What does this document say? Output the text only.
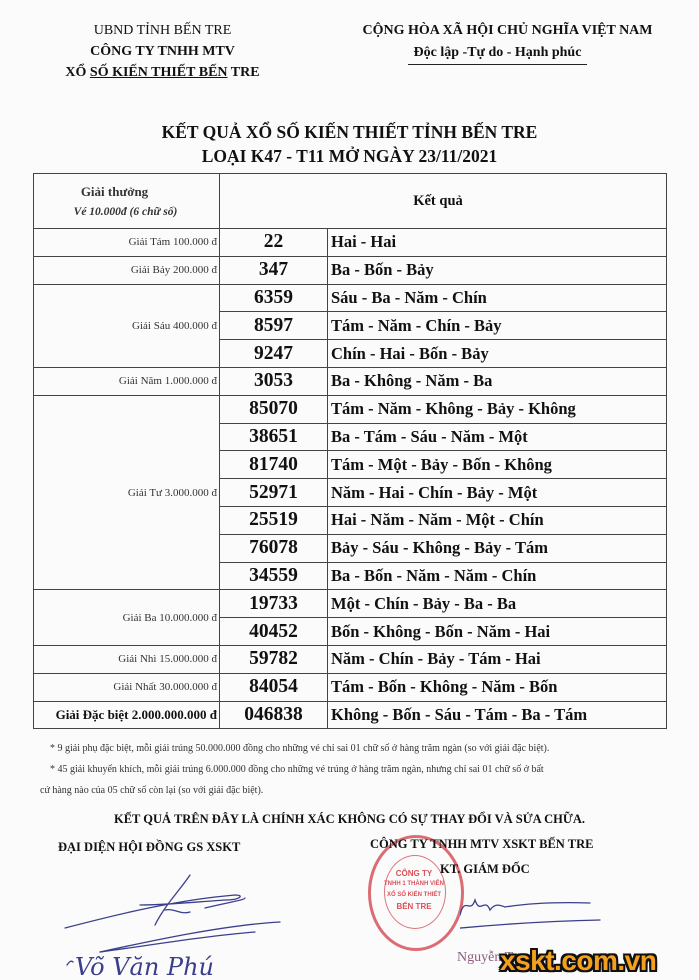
UBND TỈNH BẾN TRE
CÔNG TY TNHH MTV
XỔ SỐ KIẾN THIẾT BẾN TRE
CỘNG HÒA XÃ HỘI CHỦ NGHĨA VIỆT NAM
Độc lập -Tự do - Hạnh phúc
KẾT QUẢ XỔ SỐ KIẾN THIẾT TỈNH BẾN TRE
LOẠI K47 - T11 MỞ NGÀY 23/11/2021
Giải thưởng
Vé 10.000đ (6 chữ số)	Kết quả	
Giải Tám 100.000 đ	22	Hai - Hai
Giải Bảy 200.000 đ	347	Ba - Bốn - Bảy
Giải Sáu 400.000 đ	6359	Sáu - Ba - Năm - Chín
	8597	Tám - Năm - Chín - Bảy
	9247	Chín - Hai - Bốn - Bảy
Giải Năm 1.000.000 đ	3053	Ba - Không - Năm - Ba
Giải Tư 3.000.000 đ	85070	Tám - Năm - Không - Bảy - Không
	38651	Ba - Tám - Sáu - Năm - Một
	81740	Tám - Một - Bảy - Bốn - Không
	52971	Năm - Hai - Chín - Bảy - Một
	25519	Hai - Năm - Năm - Một - Chín
	76078	Bảy - Sáu - Không - Bảy - Tám
	34559	Ba - Bốn - Năm - Năm - Chín
Giải Ba 10.000.000 đ	19733	Một - Chín - Bảy - Ba - Ba
	40452	Bốn - Không - Bốn - Năm - Hai
Giải Nhì 15.000.000 đ	59782	Năm - Chín - Bảy - Tám - Hai
Giải Nhất 30.000.000 đ	84054	Tám - Bốn - Không - Năm - Bốn
Giải Đặc biệt 2.000.000.000 đ	046838	Không - Bốn - Sáu - Tám - Ba - Tám
* 9 giải phụ đặc biệt, mỗi giải trúng 50.000.000 đồng cho những vé chỉ sai 01 chữ số ở hàng trăm ngàn (so với giải đặc biệt).
* 45 giải khuyến khích, mỗi giải trúng 6.000.000 đồng cho những vé trúng ở hàng trăm ngàn, nhưng chỉ sai 01 chữ số ở bất
cứ hàng nào của 05 chữ số còn lại (so với giải đặc biệt).
KẾT QUẢ TRÊN ĐÂY LÀ CHÍNH XÁC KHÔNG CÓ SỰ THAY ĐỔI VÀ SỬA CHỮA.
ĐẠI DIỆN HỘI ĐỒNG GS XSKT
CÔNG TY
TNHH 1 THÀNH VIÊN
XỔ SỐ KIẾN THIẾT
BẾN TRE
CÔNG TY TNHH MTV XSKT BẾN TRE
KT. GIÁM ĐỐC
Võ Văn Phú	Nguyễn T
xskt.com.vn
